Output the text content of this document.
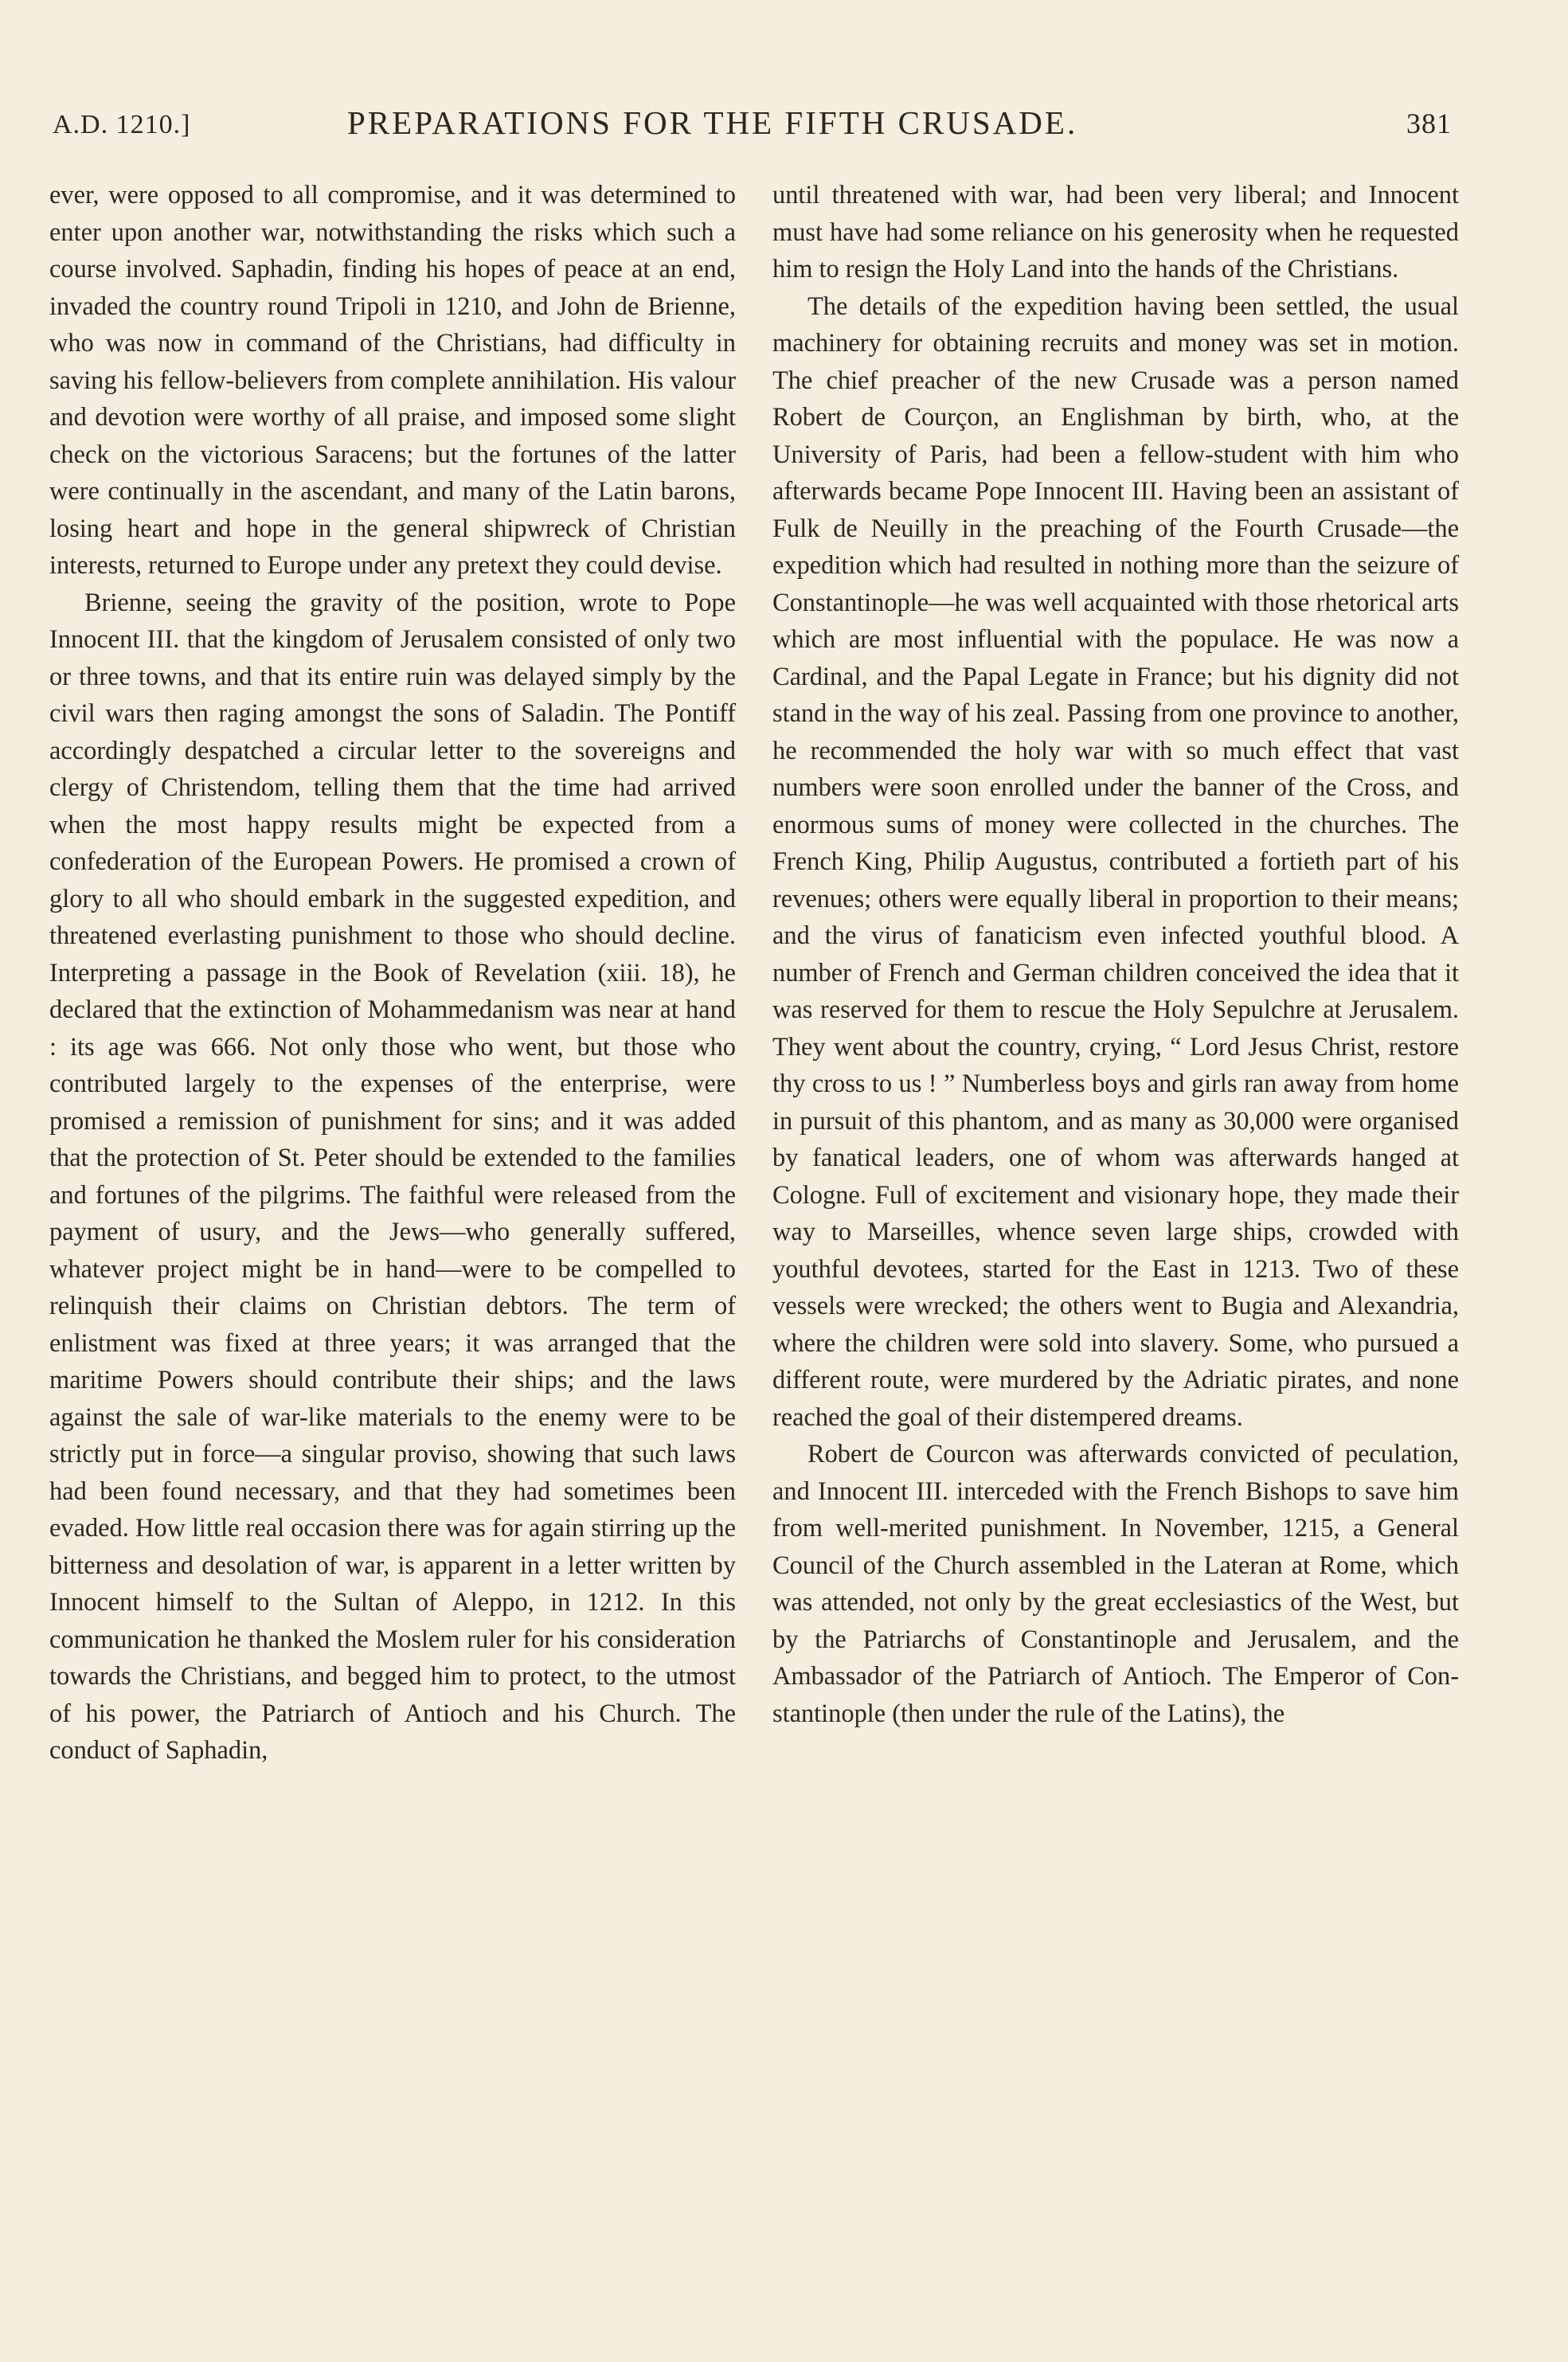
A.D. 1210.]	PREPARATIONS FOR THE FIFTH CRUSADE.	381

ever, were opposed to all compromise, and it was determined to enter upon another war, notwithstanding the risks which such a course involved. Saphadin, finding his hopes of peace at an end, invaded the country round Tripoli in 1210, and John de Brienne, who was now in command of the Christians, had difficulty in saving his fellow-believers from complete annihilation. His valour and devotion were worthy of all praise, and imposed some slight check on the victorious Saracens; but the fortunes of the latter were continually in the ascendant, and many of the Latin barons, losing heart and hope in the general shipwreck of Christian interests, returned to Europe under any pretext they could devise.

Brienne, seeing the gravity of the position, wrote to Pope Innocent III. that the kingdom of Jerusalem consisted of only two or three towns, and that its entire ruin was delayed simply by the civil wars then raging amongst the sons of Saladin. The Pontiff accordingly despatched a circular letter to the sovereigns and clergy of Christendom, telling them that the time had arrived when the most happy results might be expected from a confederation of the European Powers. He promised a crown of glory to all who should embark in the suggested expedition, and threatened everlasting punishment to those who should decline. Interpreting a passage in the Book of Revelation (xiii. 18), he declared that the extinction of Mohammedanism was near at hand : its age was 666. Not only those who went, but those who contributed largely to the expenses of the enterprise, were promised a remission of punishment for sins; and it was added that the protection of St. Peter should be extended to the families and fortunes of the pilgrims. The faithful were released from the payment of usury, and the Jews—who generally suffered, whatever project might be in hand—were to be compelled to relinquish their claims on Christian debtors. The term of enlistment was fixed at three years; it was arranged that the maritime Powers should contribute their ships; and the laws against the sale of war-like materials to the enemy were to be strictly put in force—a singular proviso, showing that such laws had been found necessary, and that they had sometimes been evaded. How little real occasion there was for again stirring up the bitterness and desolation of war, is apparent in a letter written by Innocent himself to the Sultan of Aleppo, in 1212. In this communication he thanked the Moslem ruler for his consideration towards the Christians, and begged him to protect, to the utmost of his power, the Patriarch of Antioch and his Church. The conduct of Saphadin,

until threatened with war, had been very liberal; and Innocent must have had some reliance on his generosity when he requested him to resign the Holy Land into the hands of the Christians.

The details of the expedition having been settled, the usual machinery for obtaining recruits and money was set in motion. The chief preacher of the new Crusade was a person named Robert de Courçon, an Englishman by birth, who, at the University of Paris, had been a fellow-student with him who afterwards became Pope Innocent III. Having been an assistant of Fulk de Neuilly in the preaching of the Fourth Crusade—the expedition which had resulted in nothing more than the seizure of Constantinople—he was well acquainted with those rhetorical arts which are most influential with the populace. He was now a Cardinal, and the Papal Legate in France; but his dignity did not stand in the way of his zeal. Passing from one province to another, he recommended the holy war with so much effect that vast numbers were soon enrolled under the banner of the Cross, and enormous sums of money were collected in the churches. The French King, Philip Augustus, contributed a fortieth part of his revenues; others were equally liberal in proportion to their means; and the virus of fanaticism even infected youthful blood. A number of French and German children conceived the idea that it was reserved for them to rescue the Holy Sepulchre at Jerusalem. They went about the country, crying, “ Lord Jesus Christ, restore thy cross to us ! ” Numberless boys and girls ran away from home in pursuit of this phantom, and as many as 30,000 were organised by fanatical leaders, one of whom was afterwards hanged at Cologne. Full of excitement and visionary hope, they made their way to Marseilles, whence seven large ships, crowded with youthful devotees, started for the East in 1213. Two of these vessels were wrecked; the others went to Bugia and Alexandria, where the children were sold into slavery. Some, who pursued a different route, were murdered by the Adriatic pirates, and none reached the goal of their distempered dreams.

Robert de Courcon was afterwards convicted of peculation, and Innocent III. interceded with the French Bishops to save him from well-merited punishment. In November, 1215, a General Council of the Church assembled in the Lateran at Rome, which was attended, not only by the great ecclesiastics of the West, but by the Patriarchs of Constantinople and Jerusalem, and the Ambassador of the Patriarch of Antioch. The Emperor of Constantinople (then under the rule of the Latins), the
